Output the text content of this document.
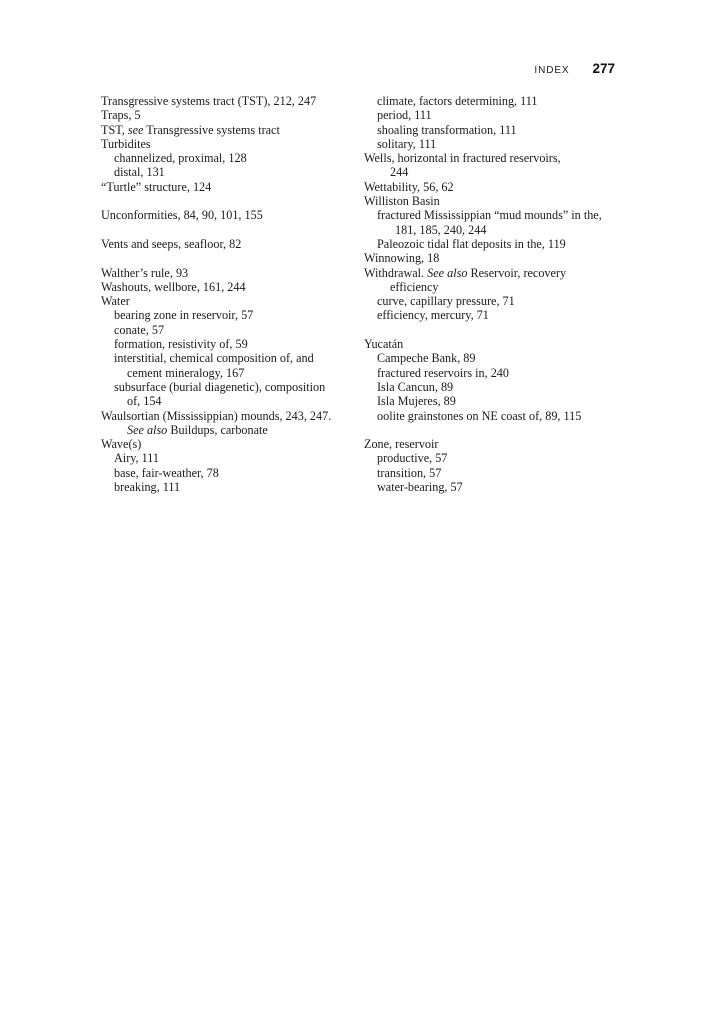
INDEX 277
Transgressive systems tract (TST), 212, 247
Traps, 5
TST, see Transgressive systems tract
Turbidites
channelized, proximal, 128
distal, 131
“Turtle” structure, 124
Unconformities, 84, 90, 101, 155
Vents and seeps, seafloor, 82
Walther’s rule, 93
Washouts, wellbore, 161, 244
Water
bearing zone in reservoir, 57
conate, 57
formation, resistivity of, 59
interstitial, chemical composition of, and
cement mineralogy, 167
subsurface (burial diagenetic), composition
of, 154
Waulsortian (Mississippian) mounds, 243, 247.
See also Buildups, carbonate
Wave(s)
Airy, 111
base, fair-weather, 78
breaking, 111
climate, factors determining, 111
period, 111
shoaling transformation, 111
solitary, 111
Wells, horizontal in fractured reservoirs,
244
Wettability, 56, 62
Williston Basin
fractured Mississippian “mud mounds” in the,
181, 185, 240, 244
Paleozoic tidal flat deposits in the, 119
Winnowing, 18
Withdrawal. See also Reservoir, recovery
efficiency
curve, capillary pressure, 71
efficiency, mercury, 71
Yucatán
Campeche Bank, 89
fractured reservoirs in, 240
Isla Cancun, 89
Isla Mujeres, 89
oolite grainstones on NE coast of, 89, 115
Zone, reservoir
productive, 57
transition, 57
water-bearing, 57
